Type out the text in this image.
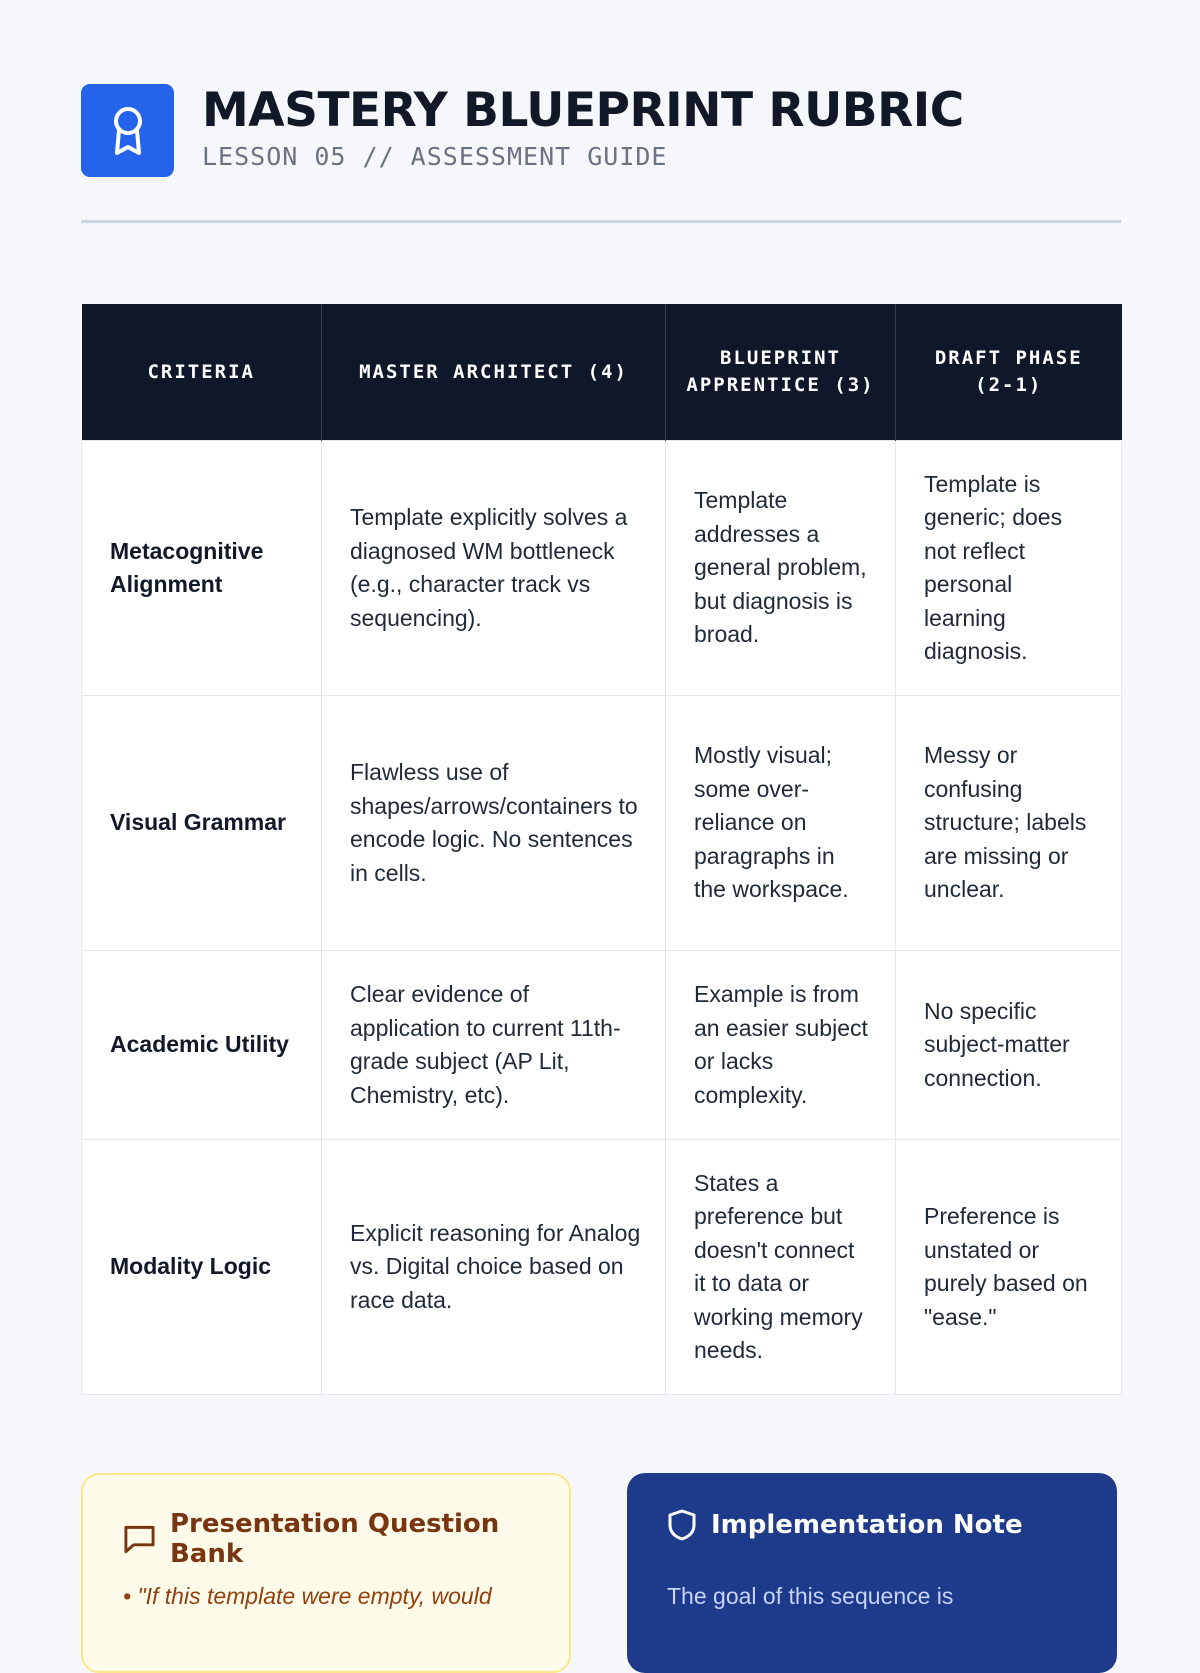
MASTERY BLUEPRINT RUBRIC
LESSON 05 // ASSESSMENT GUIDE
CRITERIA	MASTER ARCHITECT (4)	BLUEPRINT APPRENTICE (3)	DRAFT PHASE (2-1)
Metacognitive Alignment	Template explicitly solves a diagnosed WM bottleneck (e.g., character track vs sequencing).	Template addresses a general problem, but diagnosis is broad.	Template is generic; does not reflect personal learning diagnosis.
Visual Grammar	Flawless use of shapes/arrows/containers to encode logic. No sentences in cells.	Mostly visual; some over-reliance on paragraphs in the workspace.	Messy or confusing structure; labels are missing or unclear.
Academic Utility	Clear evidence of application to current 11th-grade subject (AP Lit, Chemistry, etc).	Example is from an easier subject or lacks complexity.	No specific subject-matter connection.
Modality Logic	Explicit reasoning for Analog vs. Digital choice based on race data.	States a preference but doesn't connect it to data or working memory needs.	Preference is unstated or purely based on "ease."
Presentation Question Bank
• "If this template were empty, would
Implementation Note
The goal of this sequence is
